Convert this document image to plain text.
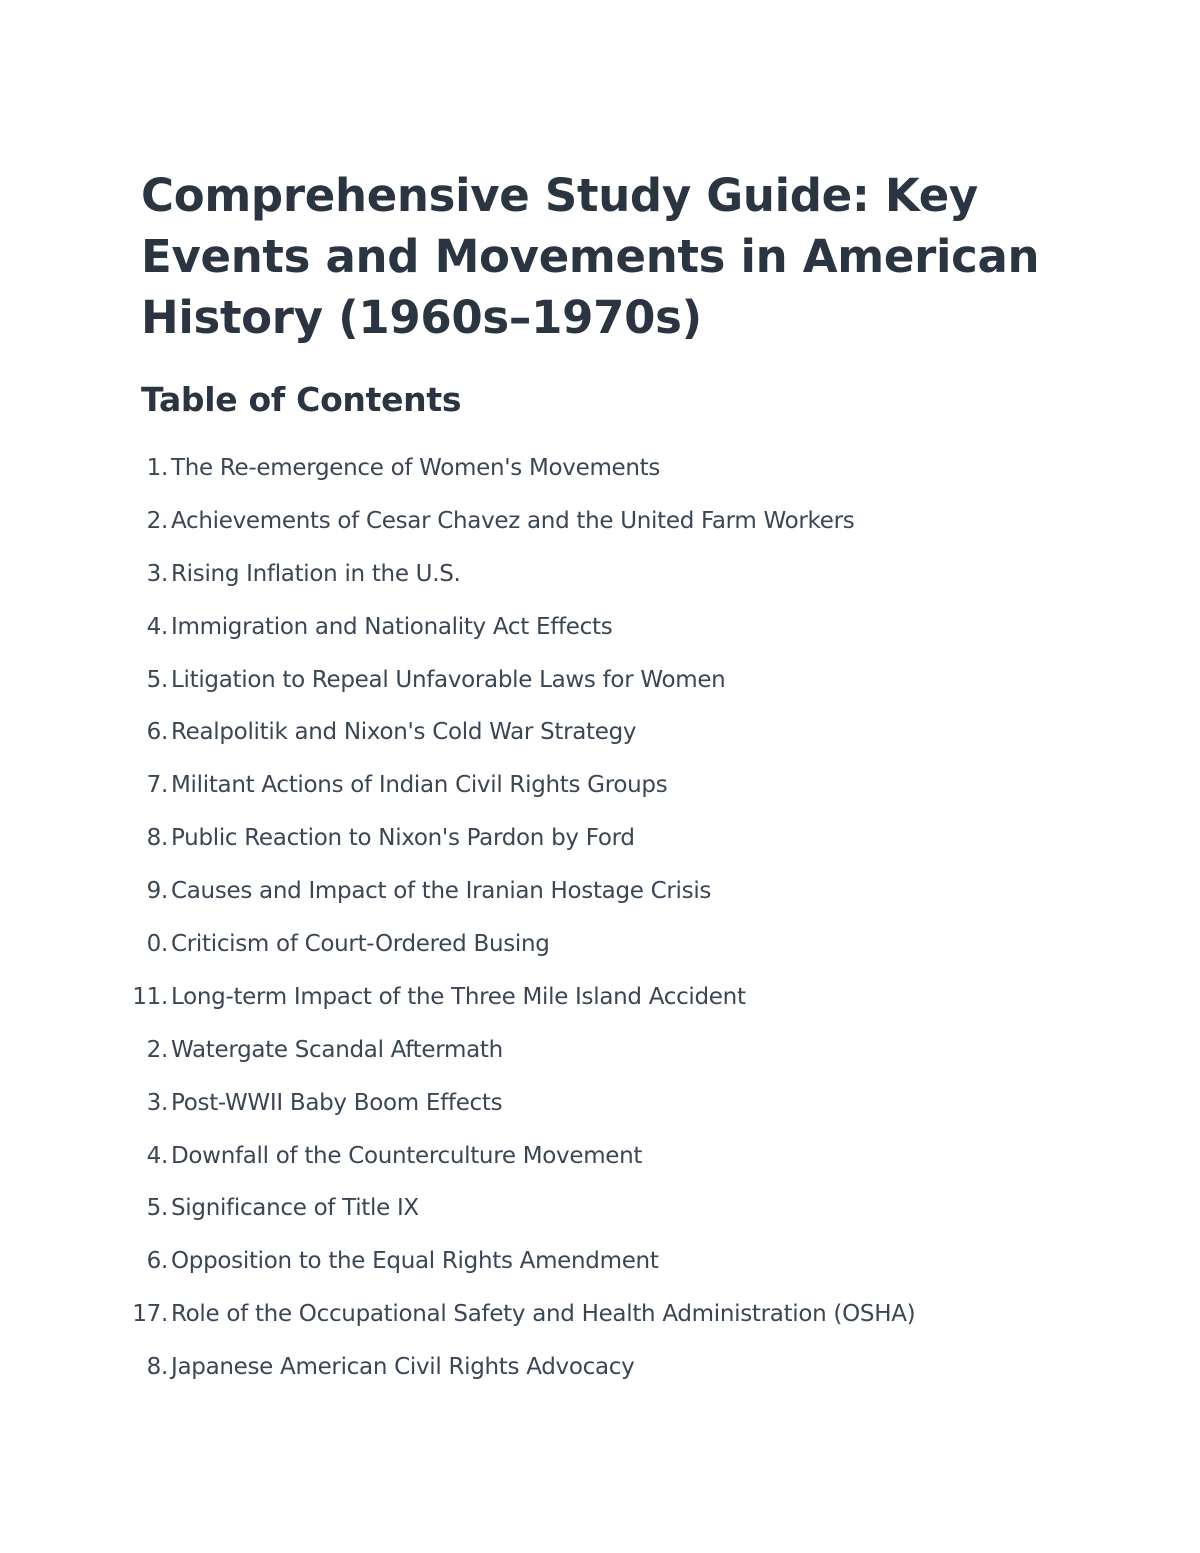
Comprehensive Study Guide: Key Events and Movements in American History (1960s–1970s)
Table of Contents
1. The Re-emergence of Women's Movements
2. Achievements of Cesar Chavez and the United Farm Workers
3. Rising Inflation in the U.S.
4. Immigration and Nationality Act Effects
5. Litigation to Repeal Unfavorable Laws for Women
6. Realpolitik and Nixon's Cold War Strategy
7. Militant Actions of Indian Civil Rights Groups
8. Public Reaction to Nixon's Pardon by Ford
9. Causes and Impact of the Iranian Hostage Crisis
0. Criticism of Court-Ordered Busing
11. Long-term Impact of the Three Mile Island Accident
2. Watergate Scandal Aftermath
3. Post-WWII Baby Boom Effects
4. Downfall of the Counterculture Movement
5. Significance of Title IX
6. Opposition to the Equal Rights Amendment
17. Role of the Occupational Safety and Health Administration (OSHA)
8. Japanese American Civil Rights Advocacy
